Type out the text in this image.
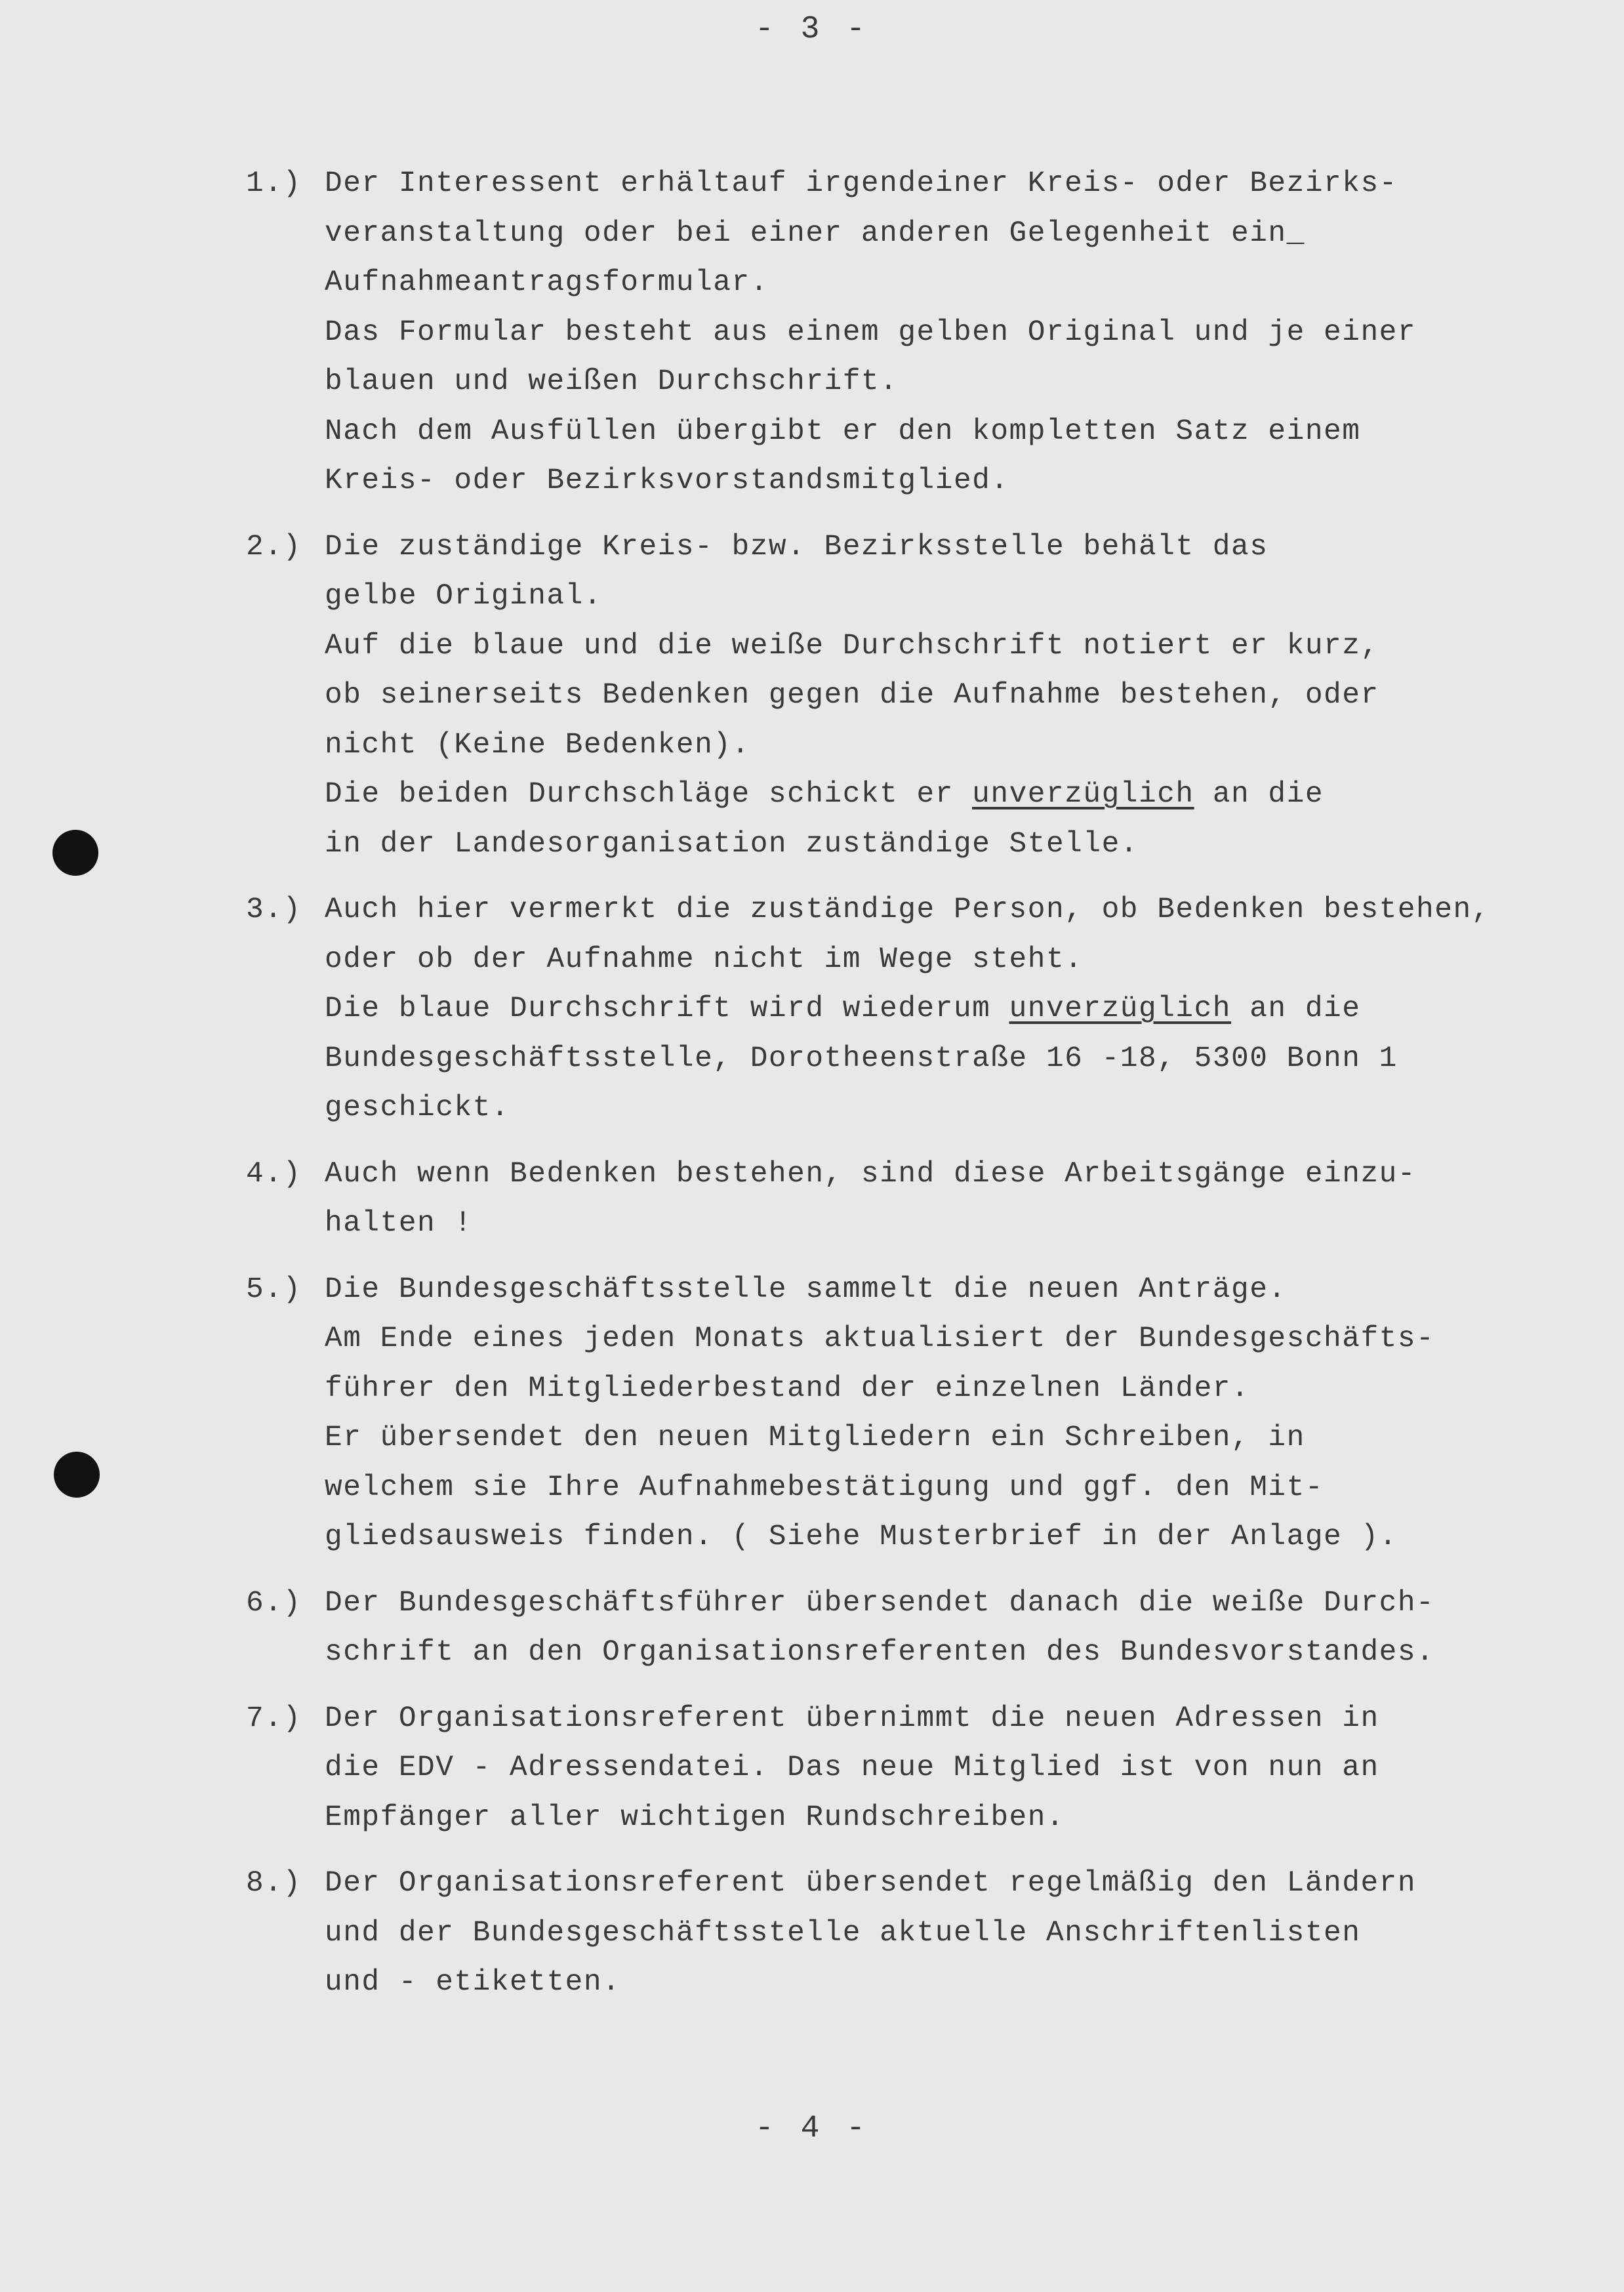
- 3 -
1.) Der Interessent erhältauf irgendeiner Kreis- oder Bezirks-
veranstaltung oder bei einer anderen Gelegenheit ein_
Aufnahmeantragsformular.
Das Formular besteht aus einem gelben Original und je einer
blauen und weißen Durchschrift.
Nach dem Ausfüllen übergibt er den kompletten Satz einem
Kreis- oder Bezirksvorstandsmitglied.
2.) Die zuständige Kreis- bzw. Bezirksstelle behält das
gelbe Original.
Auf die blaue und die weiße Durchschrift notiert er kurz,
ob seinerseits Bedenken gegen die Aufnahme bestehen, oder
nicht (Keine Bedenken).
Die beiden Durchschläge schickt er unverzüglich an die
in der Landesorganisation zuständige Stelle.
3.) Auch hier vermerkt die zuständige Person, ob Bedenken bestehen,
oder ob der Aufnahme nicht im Wege steht.
Die blaue Durchschrift wird wiederum unverzüglich an die
Bundesgeschäftsstelle, Dorotheenstraße 16 -18, 5300 Bonn 1
geschickt.
4.) Auch wenn Bedenken bestehen, sind diese Arbeitsgänge einzu-
halten !
5.) Die Bundesgeschäftsstelle sammelt die neuen Anträge.
Am Ende eines jeden Monats aktualisiert der Bundesgeschäfts-
führer den Mitgliederbestand der einzelnen Länder.
Er übersendet den neuen Mitgliedern ein Schreiben, in
welchem sie Ihre Aufnahmebestätigung und ggf. den Mit-
gliedsausweis finden. ( Siehe Musterbrief in der Anlage ).
6.) Der Bundesgeschäftsführer übersendet danach die weiße Durch-
schrift an den Organisationsreferenten des Bundesvorstandes.
7.) Der Organisationsreferent übernimmt die neuen Adressen in
die EDV - Adressendatei. Das neue Mitglied ist von nun an
Empfänger aller wichtigen Rundschreiben.
8.) Der Organisationsreferent übersendet regelmäßig den Ländern
und der Bundesgeschäftsstelle aktuelle Anschriftenlisten
und - etiketten.
- 4 -
